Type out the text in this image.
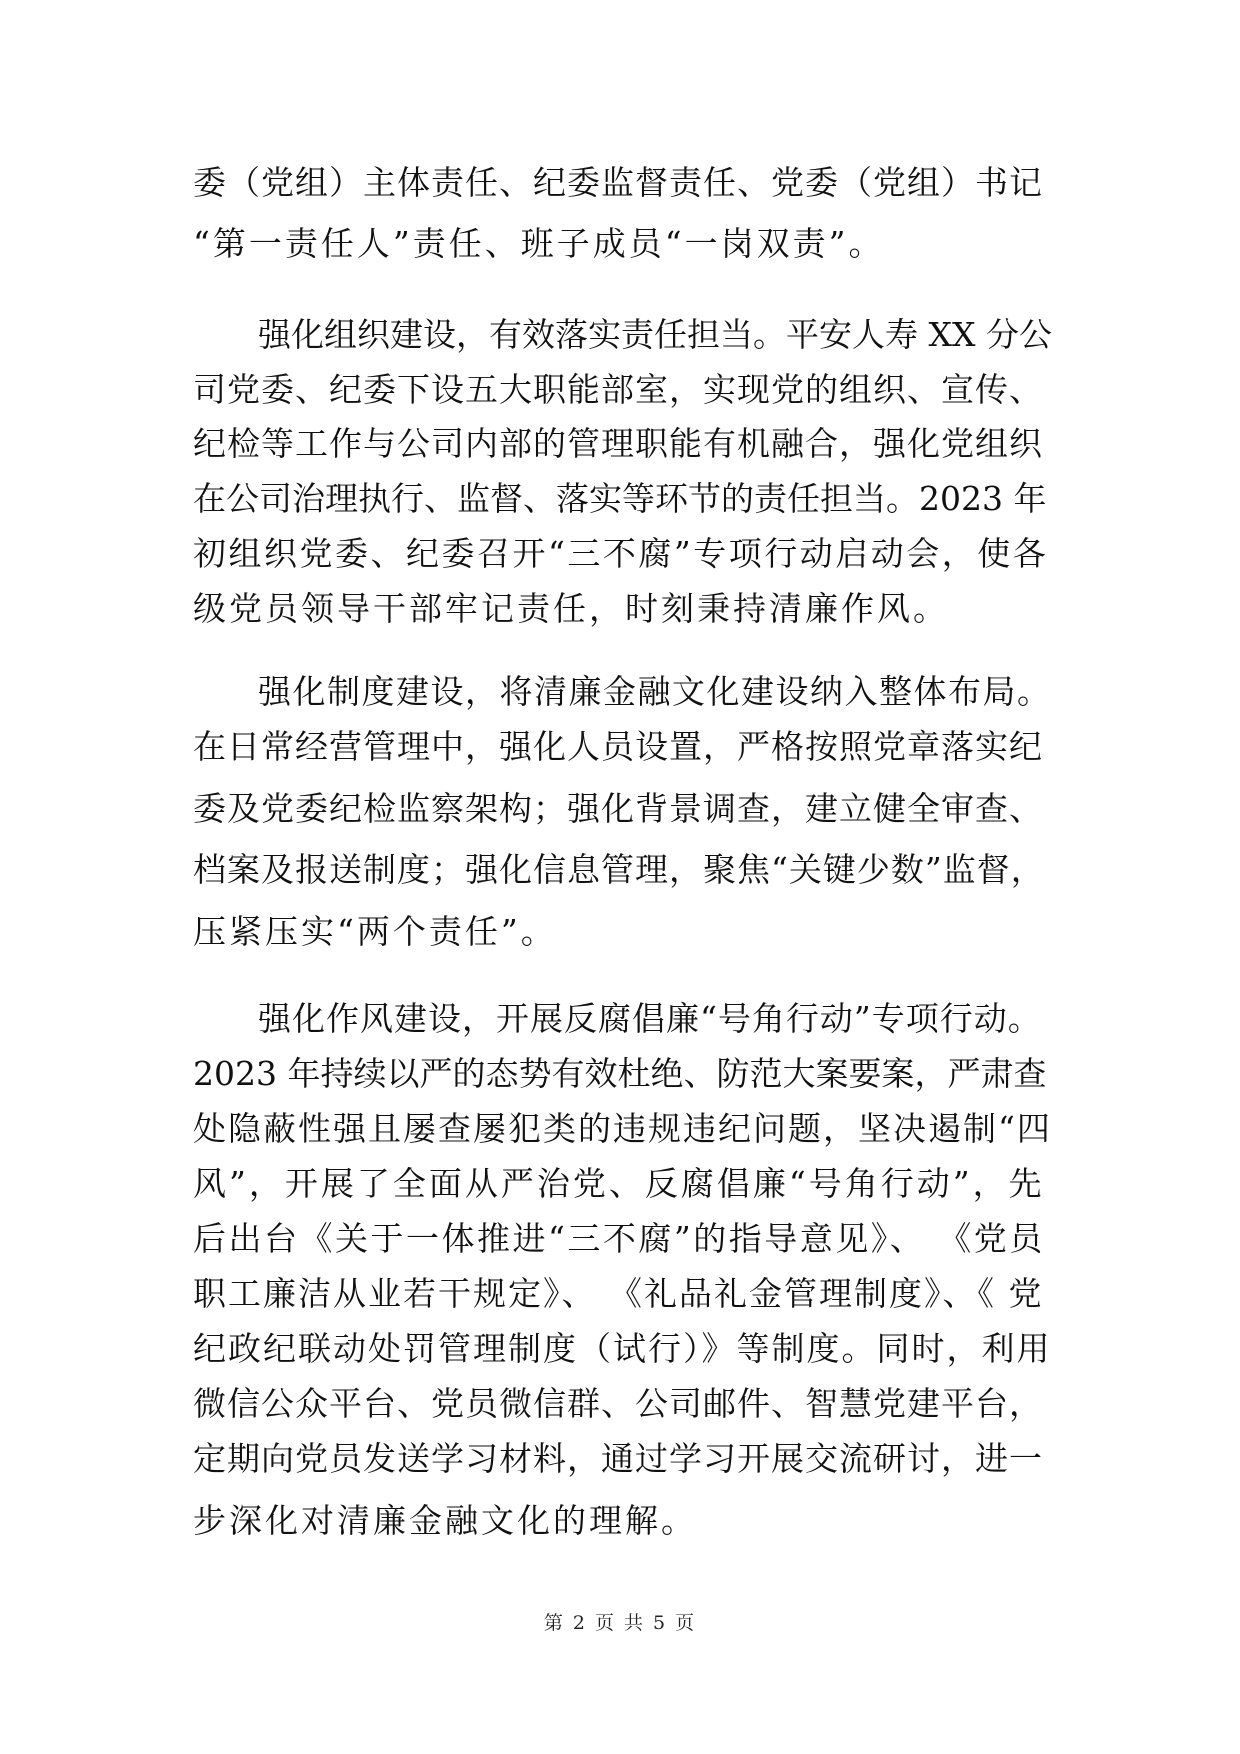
委（党组）主体责任、纪委监督责任、党委（党组）书记

“第一责任人”责任、班子成员“一岗双责”。

强化组织建设，有效落实责任担当。平安人寿 XX 分公

司党委、纪委下设五大职能部室，实现党的组织、宣传、

纪检等工作与公司内部的管理职能有机融合，强化党组织

在公司治理执行、监督、落实等环节的责任担当。2023 年

初组织党委、纪委召开“三不腐”专项行动启动会，使各

级党员领导干部牢记责任，时刻秉持清廉作风。

强化制度建设，将清廉金融文化建设纳入整体布局。

在日常经营管理中，强化人员设置，严格按照党章落实纪

委及党委纪检监察架构；强化背景调查，建立健全审查、

档案及报送制度；强化信息管理，聚焦“关键少数”监督，

压紧压实“两个责任”。

强化作风建设，开展反腐倡廉“号角行动”专项行动。

2023 年持续以严的态势有效杜绝、防范大案要案，严肃查

处隐蔽性强且屡查屡犯类的违规违纪问题，坚决遏制“四

风”，开展了全面从严治党、反腐倡廉“号角行动”，先

后出台《关于一体推进“三不腐”的指导意见》、 《党员

职工廉洁从业若干规定》、 《礼品礼金管理制度》、《 党

纪政纪联动处罚管理制度（试行）》等制度。同时，利用

微信公众平台、党员微信群、公司邮件、智慧党建平台，

定期向党员发送学习材料，通过学习开展交流研讨，进一

步深化对清廉金融文化的理解。

第 2 页 共 5 页
